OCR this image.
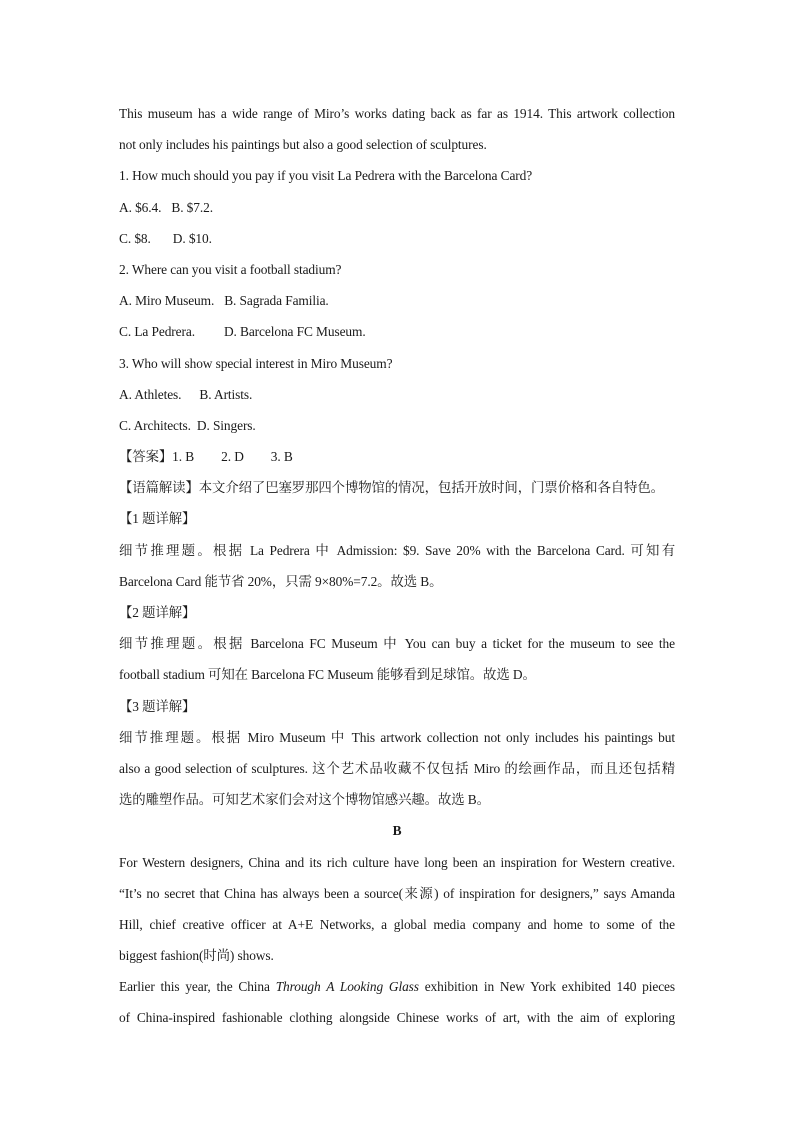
This museum has a wide range of Miro’s works dating back as far as 1914. This artwork collection
not only includes his paintings but also a good selection of sculptures.
1. How much should you pay if you visit La Pedrera with the Barcelona Card?
A. $6.4. B. $7.2.
C. $8. D. $10.
2. Where can you visit a football stadium?
A. Miro Museum. B. Sagrada Familia.
C. La Pedrera. D. Barcelona FC Museum.
3. Who will show special interest in Miro Museum?
A. Athletes. B. Artists.
C. Architects. D. Singers.
【答案】1. B 2. D 3. B
【语篇解读】本文介绍了巴塞罗那四个博物馆的情况，包括开放时间，门票价格和各自特色。
【1 题详解】
细节推理题。根据 La Pedrera 中 Admission: $9. Save 20% with the Barcelona Card. 可知有
Barcelona Card 能节省 20%，只需 9×80%=7.2。故选 B。
【2 题详解】
细节推理题。根据 Barcelona FC Museum 中 You can buy a ticket for the museum to see the
football stadium 可知在 Barcelona FC Museum 能够看到足球馆。故选 D。
【3 题详解】
细节推理题。根据 Miro Museum 中 This artwork collection not only includes his paintings but
also a good selection of sculptures. 这个艺术品收藏不仅包括 Miro 的绘画作品，而且还包括精
选的雕塑作品。可知艺术家们会对这个博物馆感兴趣。故选 B。
B
For Western designers, China and its rich culture have long been an inspiration for Western creative.
“It’s no secret that China has always been a source(来源) of inspiration for designers,” says Amanda
Hill, chief creative officer at A+E Networks, a global media company and home to some of the
biggest fashion(时尚) shows.
Earlier this year, the China Through A Looking Glass exhibition in New York exhibited 140 pieces
of China-inspired fashionable clothing alongside Chinese works of art, with the aim of exploring
